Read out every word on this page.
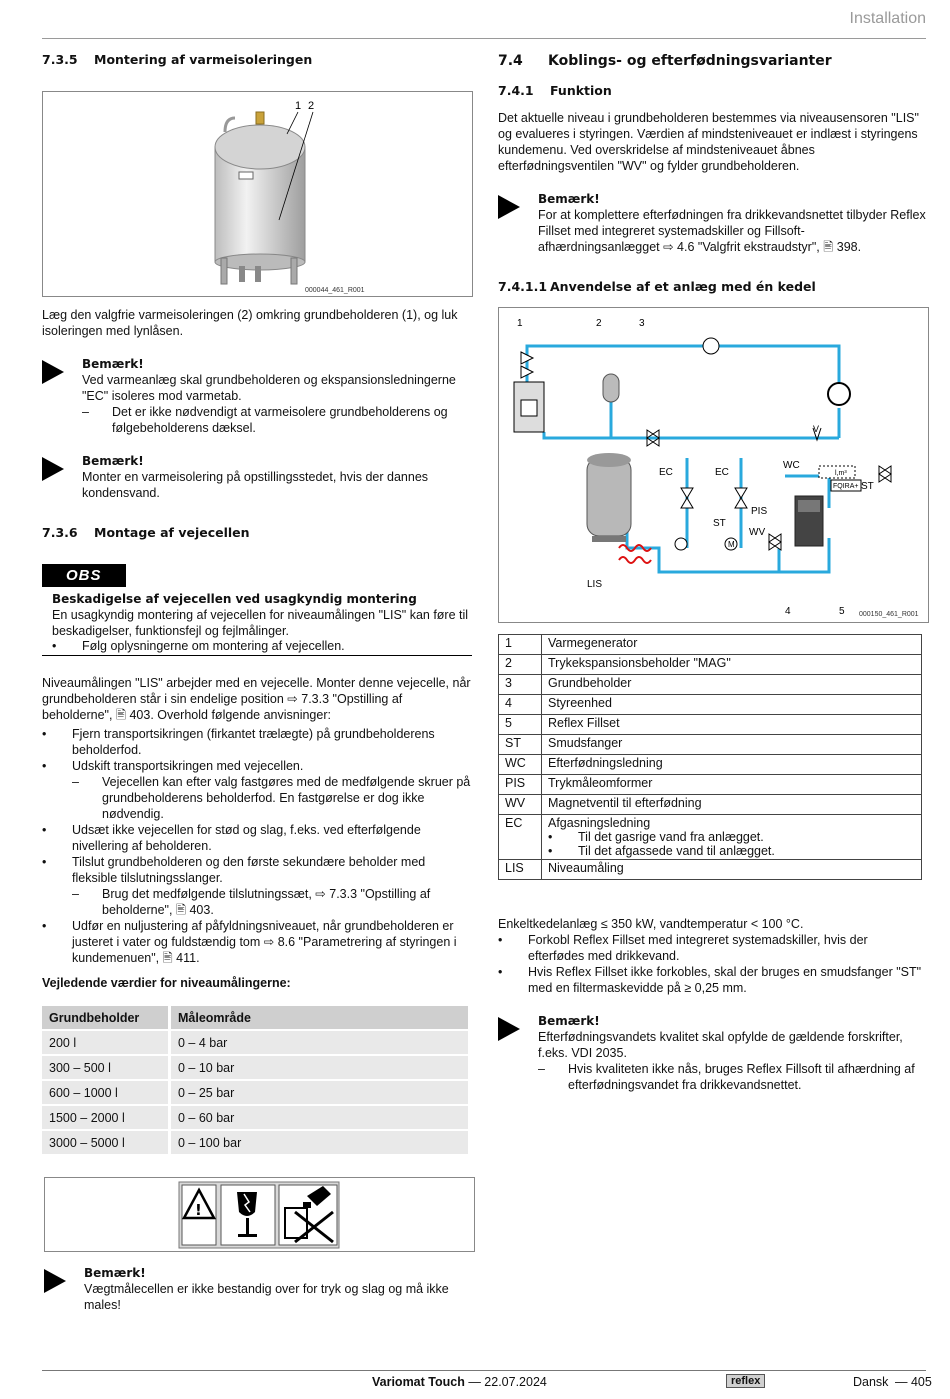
Installation
7.3.5 Montering af varmeisoleringen
1 2
000044_461_R001

Læg den valgfrie varmeisoleringen (2) omkring grundbeholderen (1), og luk isoleringen med lynlåsen.

Bemærk!
Ved varmeanlæg skal grundbeholderen og ekspansionsledningerne "EC" isoleres mod varmetab.
–	Det er ikke nødvendigt at varmeisolere grundbeholderens og følgebeholderens dæksel.
Bemærk!
Monter en varmeisolering på opstillingsstedet, hvis der dannes kondensvand.
7.3.6 Montage af vejecellen
OBS
Beskadigelse af vejecellen ved usagkyndig montering

En usagkyndig montering af vejecellen for niveaumålingen "LIS" kan føre til beskadigelser, funktionsfejl og fejlmålinger.

•	Følg oplysningerne om montering af vejecellen.

Niveaumålingen "LIS" arbejder med en vejecelle. Monter denne vejecelle, når grundbeholderen står i sin endelige position ⇨ 7.3.3 "Opstilling af beholderne", 🖹 403. Overhold følgende anvisninger:

•	Fjern transportsikringen (firkantet trælægte) på grundbeholderens beholderfod.
•	Udskift transportsikringen med vejecellen.
–	Vejecellen kan efter valg fastgøres med de medfølgende skruer på grundbeholderens beholderfod. En fastgørelse er dog ikke nødvendig.
•	Udsæt ikke vejecellen for stød og slag, f.eks. ved efterfølgende nivellering af beholderen.
•	Tilslut grundbeholderen og den første sekundære beholder med fleksible tilslutningsslanger.
–	Brug det medfølgende tilslutningssæt, ⇨ 7.3.3 "Opstilling af beholderne", 🖹 403.
•	Udfør en nuljustering af påfyldningsniveauet, når grundbeholderen er justeret i vater og fuldstændig tom ⇨ 8.6 "Parametrering af styringen i kundemenuen", 🖹 411.
Vejledende værdier for niveaumålingerne:
Grundbeholder		Måleområde
200 l		0 – 4 bar
300 – 500 l		0 – 10 bar
600 – 1000 l		0 – 25 bar
1500 – 2000 l		0 – 60 bar
3000 – 5000 l		0 – 100 bar
!
Bemærk!
Vægtmålecellen er ikke bestandig over for tryk og slag og må ikke males!
7.4 Koblings- og efterfødningsvarianter
7.4.1 Funktion

Det aktuelle niveau i grundbeholderen bestemmes via niveausensoren "LIS" og evalueres i styringen. Værdien af mindsteniveauet er indlæst i styringens kundemenu. Ved overskridelse af mindsteniveauet åbnes efterfødningsventilen "WV" og fylder grundbeholderen.

Bemærk!
For at komplettere efterfødningen fra drikkevandsnettet tilbyder Reflex Fillset med integreret systemadskiller og Fillsoft-afhærdningsanlægget ⇨ 4.6 "Valgfrit ekstraudstyr", 🖹 398.
7.4.1.1 Anvendelse af et anlæg med én kedel
1	2	3
4	5
EC	EC
WC
PIS
ST
ST
WV
LIS
V
M
FQIRA+
l,m³
000150_461_R001
1	Varmegenerator
2	Trykekspansionsbeholder "MAG"
3	Grundbeholder
4	Styreenhed
5	Reflex Fillset
ST	Smudsfanger
WC	Efterfødningsledning
PIS	Trykmåleomformer
WV	Magnetventil til efterfødning
EC	Afgasningsledning
• Til det gasrige vand fra anlægget.
• Til det afgassede vand til anlægget.

LIS	Niveaumåling

Enkeltkedelanlæg ≤ 350 kW, vandtemperatur < 100 °C.

•	Forkobl Reflex Fillset med integreret systemadskiller, hvis der efterfødes med drikkevand.
•	Hvis Reflex Fillset ikke forkobles, skal der bruges en smudsfanger "ST" med en filtermaskevidde på ≥ 0,25 mm.
Bemærk!
Efterfødningsvandets kvalitet skal opfylde de gældende forskrifter, f.eks. VDI 2035.
–	Hvis kvaliteten ikke nås, bruges Reflex Fillsoft til afhærdning af efterfødningsvandet fra drikkevandsnettet.
Variomat Touch — 22.07.2024	reflex	Dansk — 405
